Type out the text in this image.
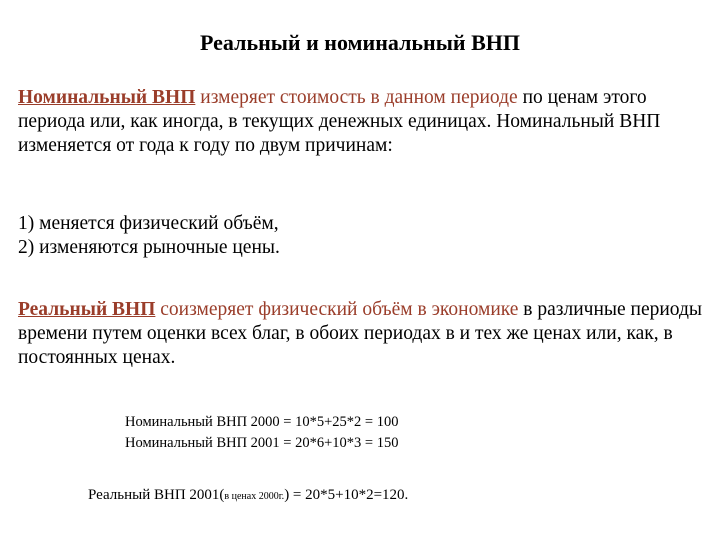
Реальный и номинальный ВНП
Номинальный ВНП измеряет стоимость в данном периоде по ценам этого периода или, как иногда, в текущих денежных единицах. Номинальный ВНП изменяется от года к году по двум причинам:
1) меняется физический объём,
2) изменяются рыночные цены.
Реальный ВНП соизмеряет физический объём в экономике в различные периоды времени путем оценки всех благ, в обоих периодах в и тех же ценах или, как, в постоянных ценах.
Номинальный ВНП 2000 = 10*5+25*2 = 100
Номинальный ВНП 2001 = 20*6+10*3 = 150
Реальный ВНП 2001(в ценах 2000г.) = 20*5+10*2=120.
